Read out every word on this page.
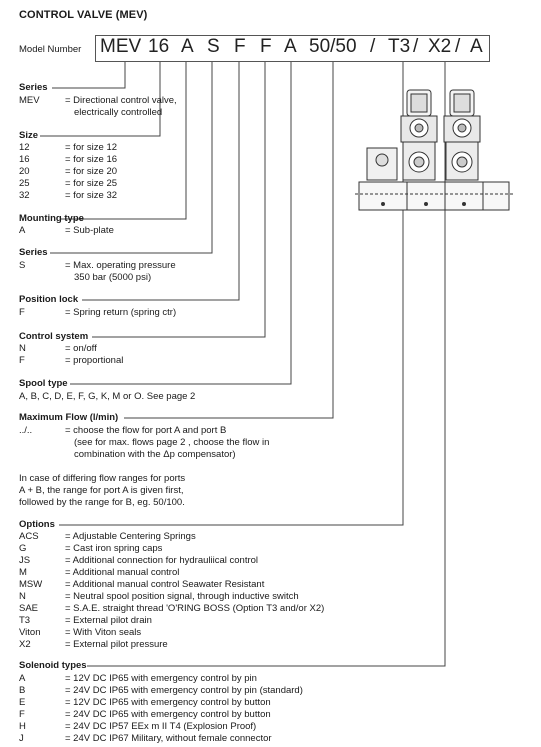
CONTROL VALVE (MEV)
Model Number MEV 16 A S F F A 50/50 / T3 / X2 / A
Series
MEV	= Directional control valve,
electrically controlled
Size
12	= for size 12
16	= for size 16
20	= for size 20
25	= for size 25
32	= for size 32
Mounting type
A	= Sub-plate
Series
S	= Max. operating pressure
350 bar (5000 psi)
Position lock
F	= Spring return (spring ctr)
Control system
N	= on/off
F	= proportional
Spool type
A, B, C, D, E, F, G, K, M or O. See page 2
Maximum Flow (l/min)
../..	= choose the flow for port A and port B
(see for max. flows page 2 , choose the flow in
combination with the Δp compensator)
In case of differing flow ranges for ports
A + B, the range for port A is given first,
followed by the range for B, eg. 50/100.
Options
ACS	= Adjustable Centering Springs
G	= Cast iron spring caps
JS	= Additional connection for hydrauliical control
M	= Additional manual control
MSW = Additional manual control Seawater Resistant
N	= Neutral spool position signal, through inductive switch
SAE	= S.A.E. straight thread 'O'RING BOSS (Option T3 and/or X2)
T3	= External pilot drain
Viton	= With Viton seals
X2	= External pilot pressure
Solenoid types
A	= 12V DC IP65 with emergency control by pin
B	= 24V DC IP65 with emergency control by pin (standard)
E	= 12V DC IP65 with emergency control by button
F	= 24V DC IP65 with emergency control by button
H	= 24V DC IP57 EEx m II T4 (Explosion Proof)
J	= 24V DC IP67 Military, without female connector
